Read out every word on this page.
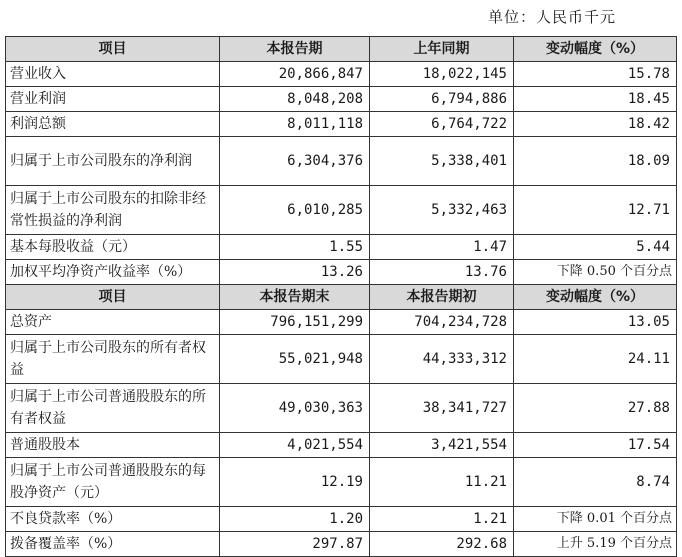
单位：人民币千元
项目	本报告期	上年同期	变动幅度（%）
营业收入	20,866,847	18,022,145	15.78
营业利润	8,048,208	6,794,886	18.45
利润总额	8,011,118	6,764,722	18.42
归属于上市公司股东的净利润	6,304,376	5,338,401	18.09
归属于上市公司股东的扣除非经常性损益的净利润	6,010,285	5,332,463	12.71
基本每股收益（元）	1.55	1.47	5.44
加权平均净资产收益率（%）	13.26	13.76	下降 0.50 个百分点
项目	本报告期末	本报告期初	变动幅度（%）
总资产	796,151,299	704,234,728	13.05
归属于上市公司股东的所有者权益	55,021,948	44,333,312	24.11
归属于上市公司普通股股东的所有者权益	49,030,363	38,341,727	27.88
普通股股本	4,021,554	3,421,554	17.54
归属于上市公司普通股股东的每股净资产（元）	12.19	11.21	8.74
不良贷款率（%）	1.20	1.21	下降 0.01 个百分点
拨备覆盖率（%）	297.87	292.68	上升 5.19 个百分点
